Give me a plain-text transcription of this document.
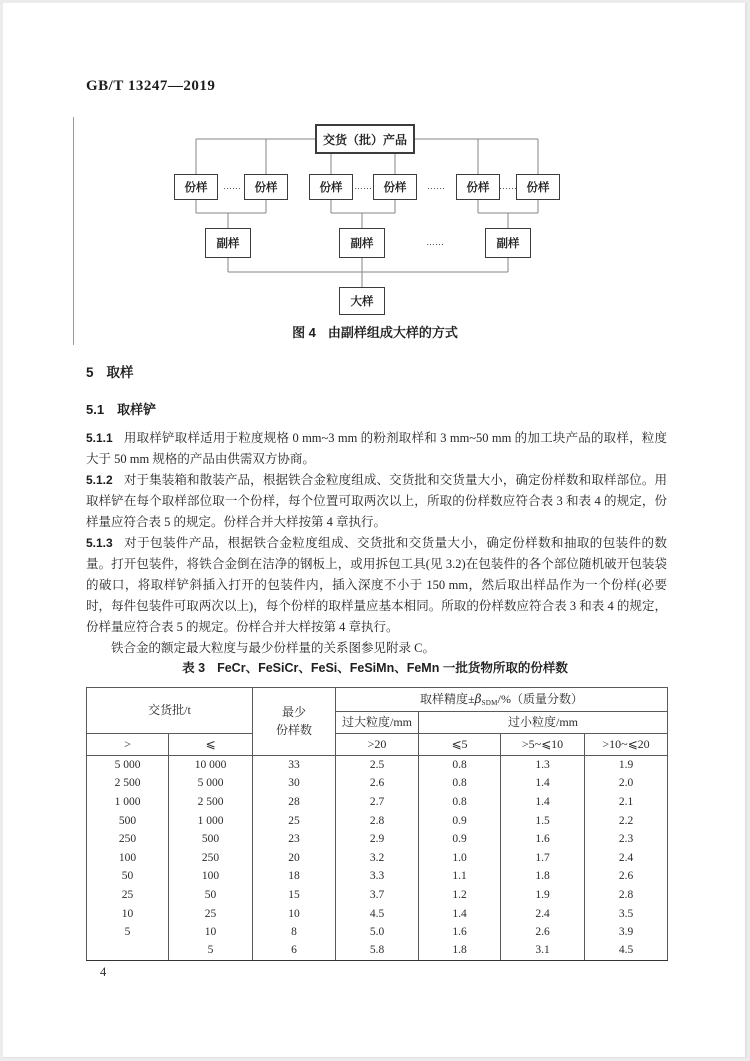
GB/T 13247—2019
交货（批）产品
份样	份样	份样	份样	份样	份样
……	……	……	……
副样	副样	副样
……
大样
图 4 由副样组成大样的方式
5 取样
5.1 取样铲

5.1.1 用取样铲取样适用于粒度规格 0 mm~3 mm 的粉剂取样和 3 mm~50 mm 的加工块产品的取样，粒度大于 50 mm 规格的产品由供需双方协商。

5.1.2 对于集装箱和散装产品，根据铁合金粒度组成、交货批和交货量大小，确定份样数和取样部位。用取样铲在每个取样部位取一个份样，每个位置可取两次以上，所取的份样数应符合表 3 和表 4 的规定，份样量应符合表 5 的规定。份样合并大样按第 4 章执行。

5.1.3 对于包装件产品，根据铁合金粒度组成、交货批和交货量大小，确定份样数和抽取的包装件的数量。打开包装件，将铁合金倒在洁净的钢板上，或用拆包工具(见 3.2)在包装件的各个部位随机破开包装袋的破口，将取样铲斜插入打开的包装件内，插入深度不小于 150 mm，然后取出样品作为一个份样(必要时，每件包装件可取两次以上)，每个份样的取样量应基本相同。所取的份样数应符合表 3 和表 4 的规定，份样量应符合表 5 的规定。份样合并大样按第 4 章执行。

铁合金的额定最大粒度与最少份样量的关系图参见附录 C。

表 3 FeCr、FeSiCr、FeSi、FeSiMn、FeMn 一批货物所取的份样数
交货批/t		最少
份样数	取样精度$\pm\beta_{SDM}/\%$（质量分数）			
			过大粒度/mm	过小粒度/mm		
>	⩽		>20	⩽5	>5~⩽10	>10~⩽20
5 000	10 000	33	2.5	0.8	1.3	1.9
2 500	5 000	30	2.6	0.8	1.4	2.0
1 000	2 500	28	2.7	0.8	1.4	2.1
500	1 000	25	2.8	0.9	1.5	2.2
250	500	23	2.9	0.9	1.6	2.3
100	250	20	3.2	1.0	1.7	2.4
50	100	18	3.3	1.1	1.8	2.6
25	50	15	3.7	1.2	1.9	2.8
10	25	10	4.5	1.4	2.4	3.5
5	10	8	5.0	1.6	2.6	3.9
	5	6	5.8	1.8	3.1	4.5
4
